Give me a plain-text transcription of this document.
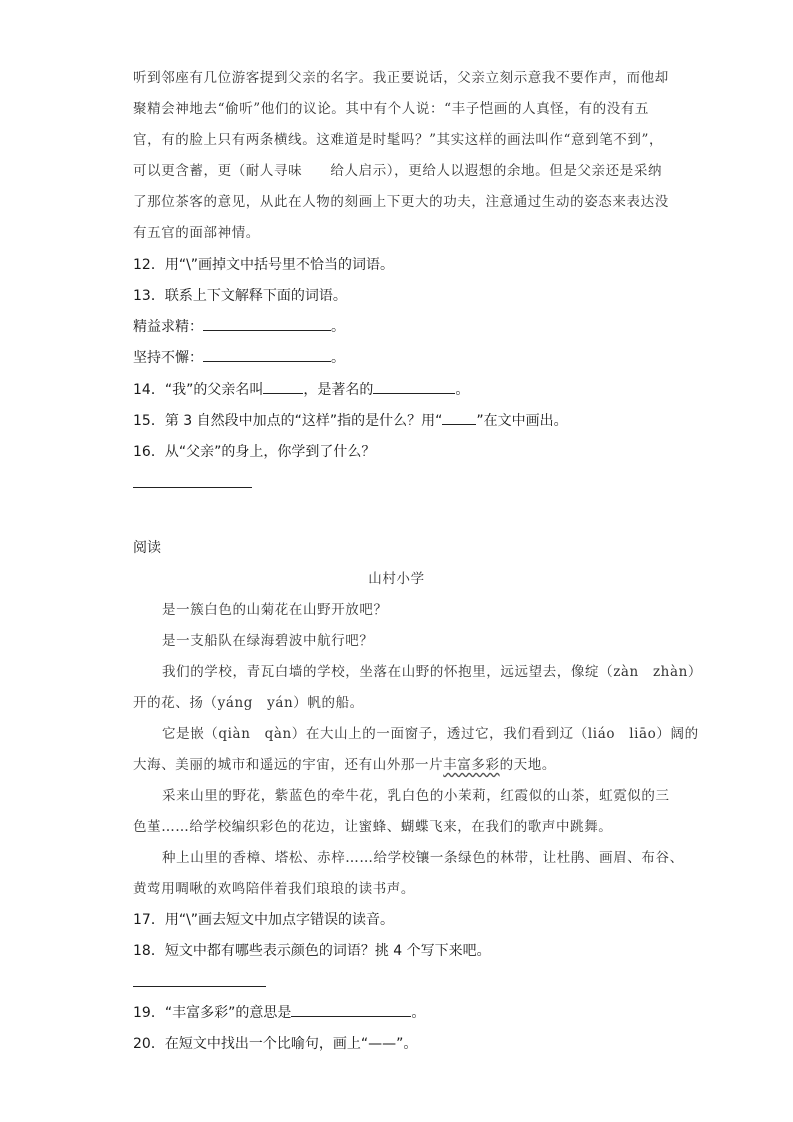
听到邻座有几位游客提到父亲的名字。我正要说话，父亲立刻示意我不要作声，而他却
聚精会神地去“偷听”他们的议论。其中有个人说：“丰子恺画的人真怪，有的没有五
官，有的脸上只有两条横线。这难道是时髦吗？”其实这样的画法叫作“意到笔不到”，
可以更含蓄，更（耐人寻味　　给人启示），更给人以遐想的余地。但是父亲还是采纳
了那位茶客的意见，从此在人物的刻画上下更大的功夫，注意通过生动的姿态来表达没
有五官的面部神情。
12．用“\”画掉文中括号里不恰当的词语。
13．联系上下文解释下面的词语。
精益求精：	。
坚持不懈：	。
14．“我”的父亲名叫	，是著名的	。
15．第 3 自然段中加点的“这样”指的是什么？用“ ”在文中画出。
16．从“父亲”的身上，你学到了什么？
阅读
山村小学
是一簇白色的山菊花在山野开放吧？
是一支船队在绿海碧波中航行吧？
我们的学校，青瓦白墙的学校，坐落在山野的怀抱里，远远望去，像绽（zàn　zhàn）
开的花、扬（yáng　yán）帆的船。
它是嵌（qiàn　qàn）在大山上的一面窗子，透过它，我们看到辽（liáo　liāo）阔的
大海、美丽的城市和遥远的宇宙，还有山外那一片丰富多彩的天地。
采来山里的野花，紫蓝色的牵牛花，乳白色的小茉莉，红霞似的山茶，虹霓似的三
色堇……给学校编织彩色的花边，让蜜蜂、蝴蝶飞来，在我们的歌声中跳舞。
种上山里的香樟、塔松、赤梓……给学校镶一条绿色的林带，让杜鹃、画眉、布谷、
黄莺用啁啾的欢鸣陪伴着我们琅琅的读书声。
17．用“\”画去短文中加点字错误的读音。
18．短文中都有哪些表示颜色的词语？挑 4 个写下来吧。
19．“丰富多彩”的意思是	。
20．在短文中找出一个比喻句，画上“——”。
